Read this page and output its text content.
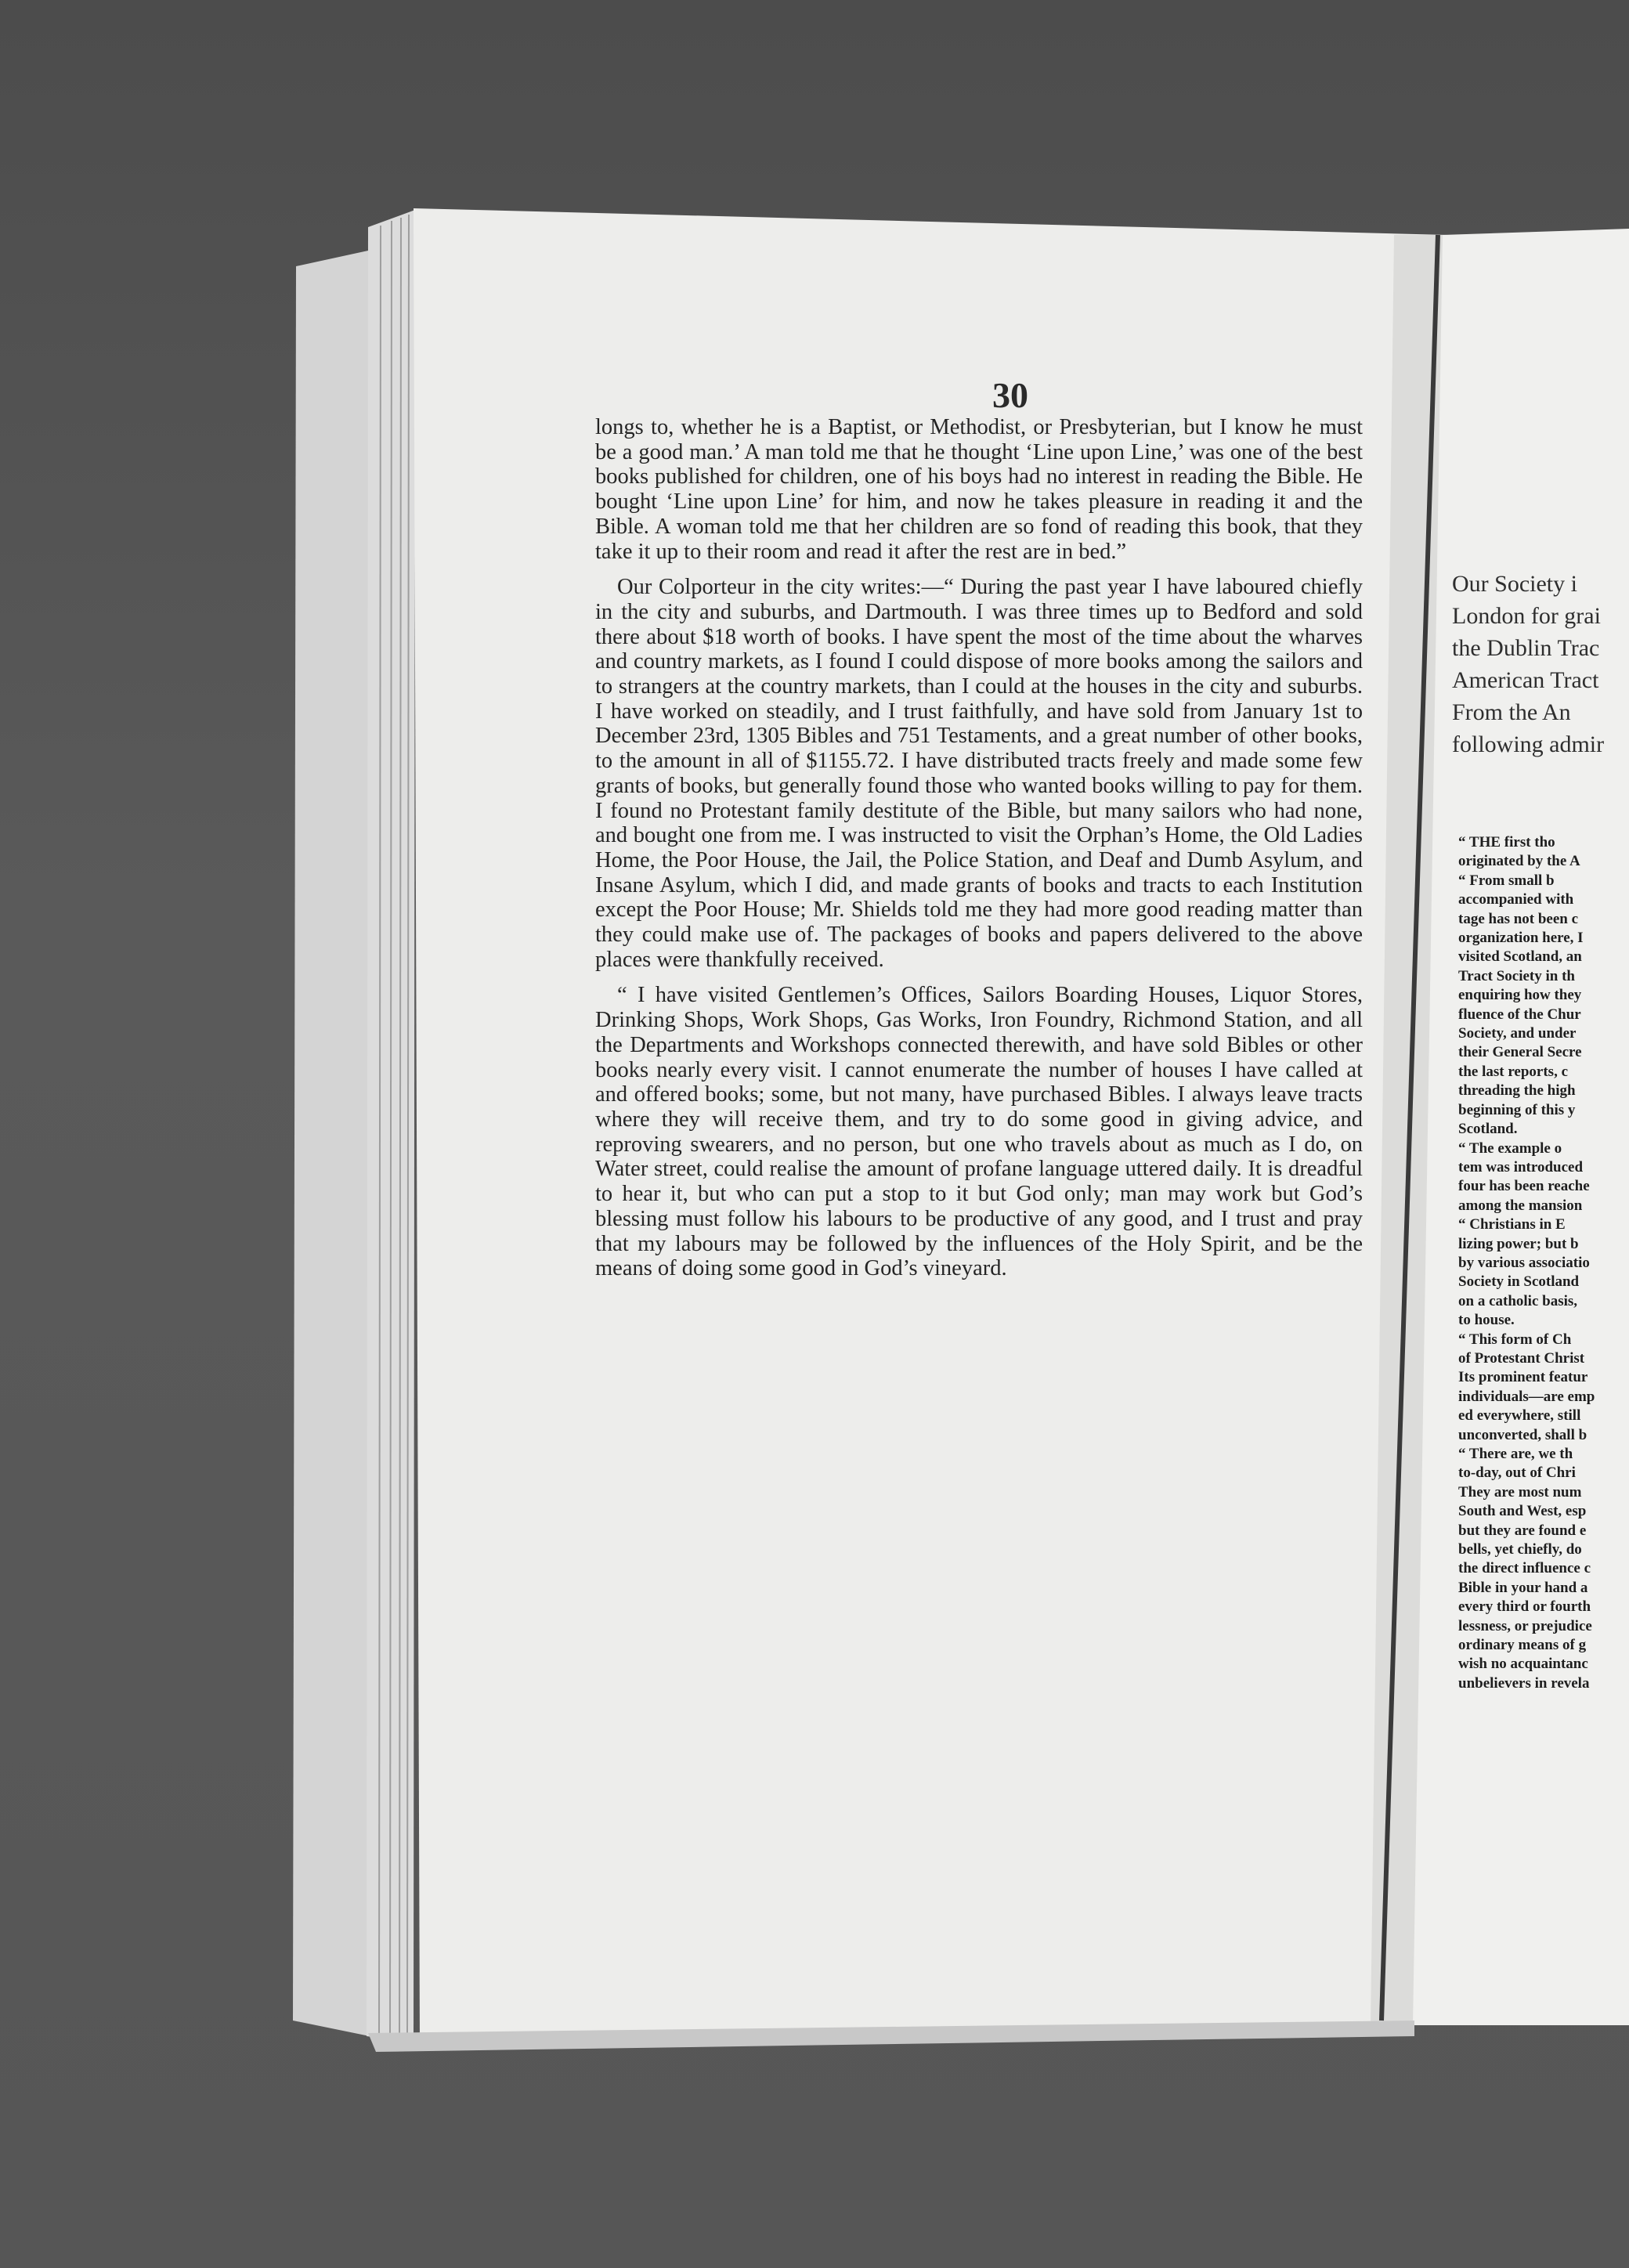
30

longs to, whether he is a Baptist, or Methodist, or Presbyterian, but I know he must be a good man.’ A man told me that he thought ‘Line upon Line,’ was one of the best books published for children, one of his boys had no interest in reading the Bible. He bought ‘Line upon Line’ for him, and now he takes pleasure in reading it and the Bible. A woman told me that her children are so fond of reading this book, that they take it up to their room and read it after the rest are in bed.”

Our Colporteur in the city writes:—“ During the past year I have laboured chiefly in the city and suburbs, and Dartmouth. I was three times up to Bedford and sold there about $18 worth of books. I have spent the most of the time about the wharves and country markets, as I found I could dispose of more books among the sailors and to strangers at the country markets, than I could at the houses in the city and suburbs. I have worked on steadily, and I trust faithfully, and have sold from January 1st to December 23rd, 1305 Bibles and 751 Testaments, and a great number of other books, to the amount in all of $1155.72. I have distributed tracts freely and made some few grants of books, but generally found those who wanted books willing to pay for them. I found no Protestant family destitute of the Bible, but many sailors who had none, and bought one from me. I was instructed to visit the Orphan’s Home, the Old Ladies Home, the Poor House, the Jail, the Police Station, and Deaf and Dumb Asylum, and Insane Asylum, which I did, and made grants of books and tracts to each Institution except the Poor House; Mr. Shields told me they had more good reading matter than they could make use of. The packages of books and papers delivered to the above places were thankfully received.

“ I have visited Gentlemen’s Offices, Sailors Boarding Houses, Liquor Stores, Drinking Shops, Work Shops, Gas Works, Iron Foundry, Richmond Station, and all the Departments and Workshops connected therewith, and have sold Bibles or other books nearly every visit. I cannot enumerate the number of houses I have called at and offered books; some, but not many, have purchased Bibles. I always leave tracts where they will receive them, and try to do some good in giving advice, and reproving swearers, and no person, but one who travels about as much as I do, on Water street, could realise the amount of profane language uttered daily. It is dreadful to hear it, but who can put a stop to it but God only; man may work but God’s blessing must follow his labours to be productive of any good, and I trust and pray that my labours may be followed by the influences of the Holy Spirit, and be the means of doing some good in God’s vineyard.

Our Society i

London for grai

the Dublin Trac

American Tract

From the An

following admir

“ THE first tho
originated by the A
“ From small b
accompanied with
tage has not been c
organization here, I
visited Scotland, an
Tract Society in th
enquiring how they
fluence of the Chur
Society, and under
their General Secre
the last reports, c
threading the high
beginning of this y
Scotland.
“ The example o
tem was introduced
four has been reache
among the mansion
“ Christians in E
lizing power; but b
by various associatio
Society in Scotland
on a catholic basis,
to house.
“ This form of Ch
of Protestant Christ
Its prominent featur
individuals—are emp
ed everywhere, still
unconverted, shall b
“ There are, we th
to-day, out of Chri
They are most num
South and West, esp
but they are found e
bells, yet chiefly, do
the direct influence c
Bible in your hand a
every third or fourth
lessness, or prejudice
ordinary means of g
wish no acquaintanc
unbelievers in revela
